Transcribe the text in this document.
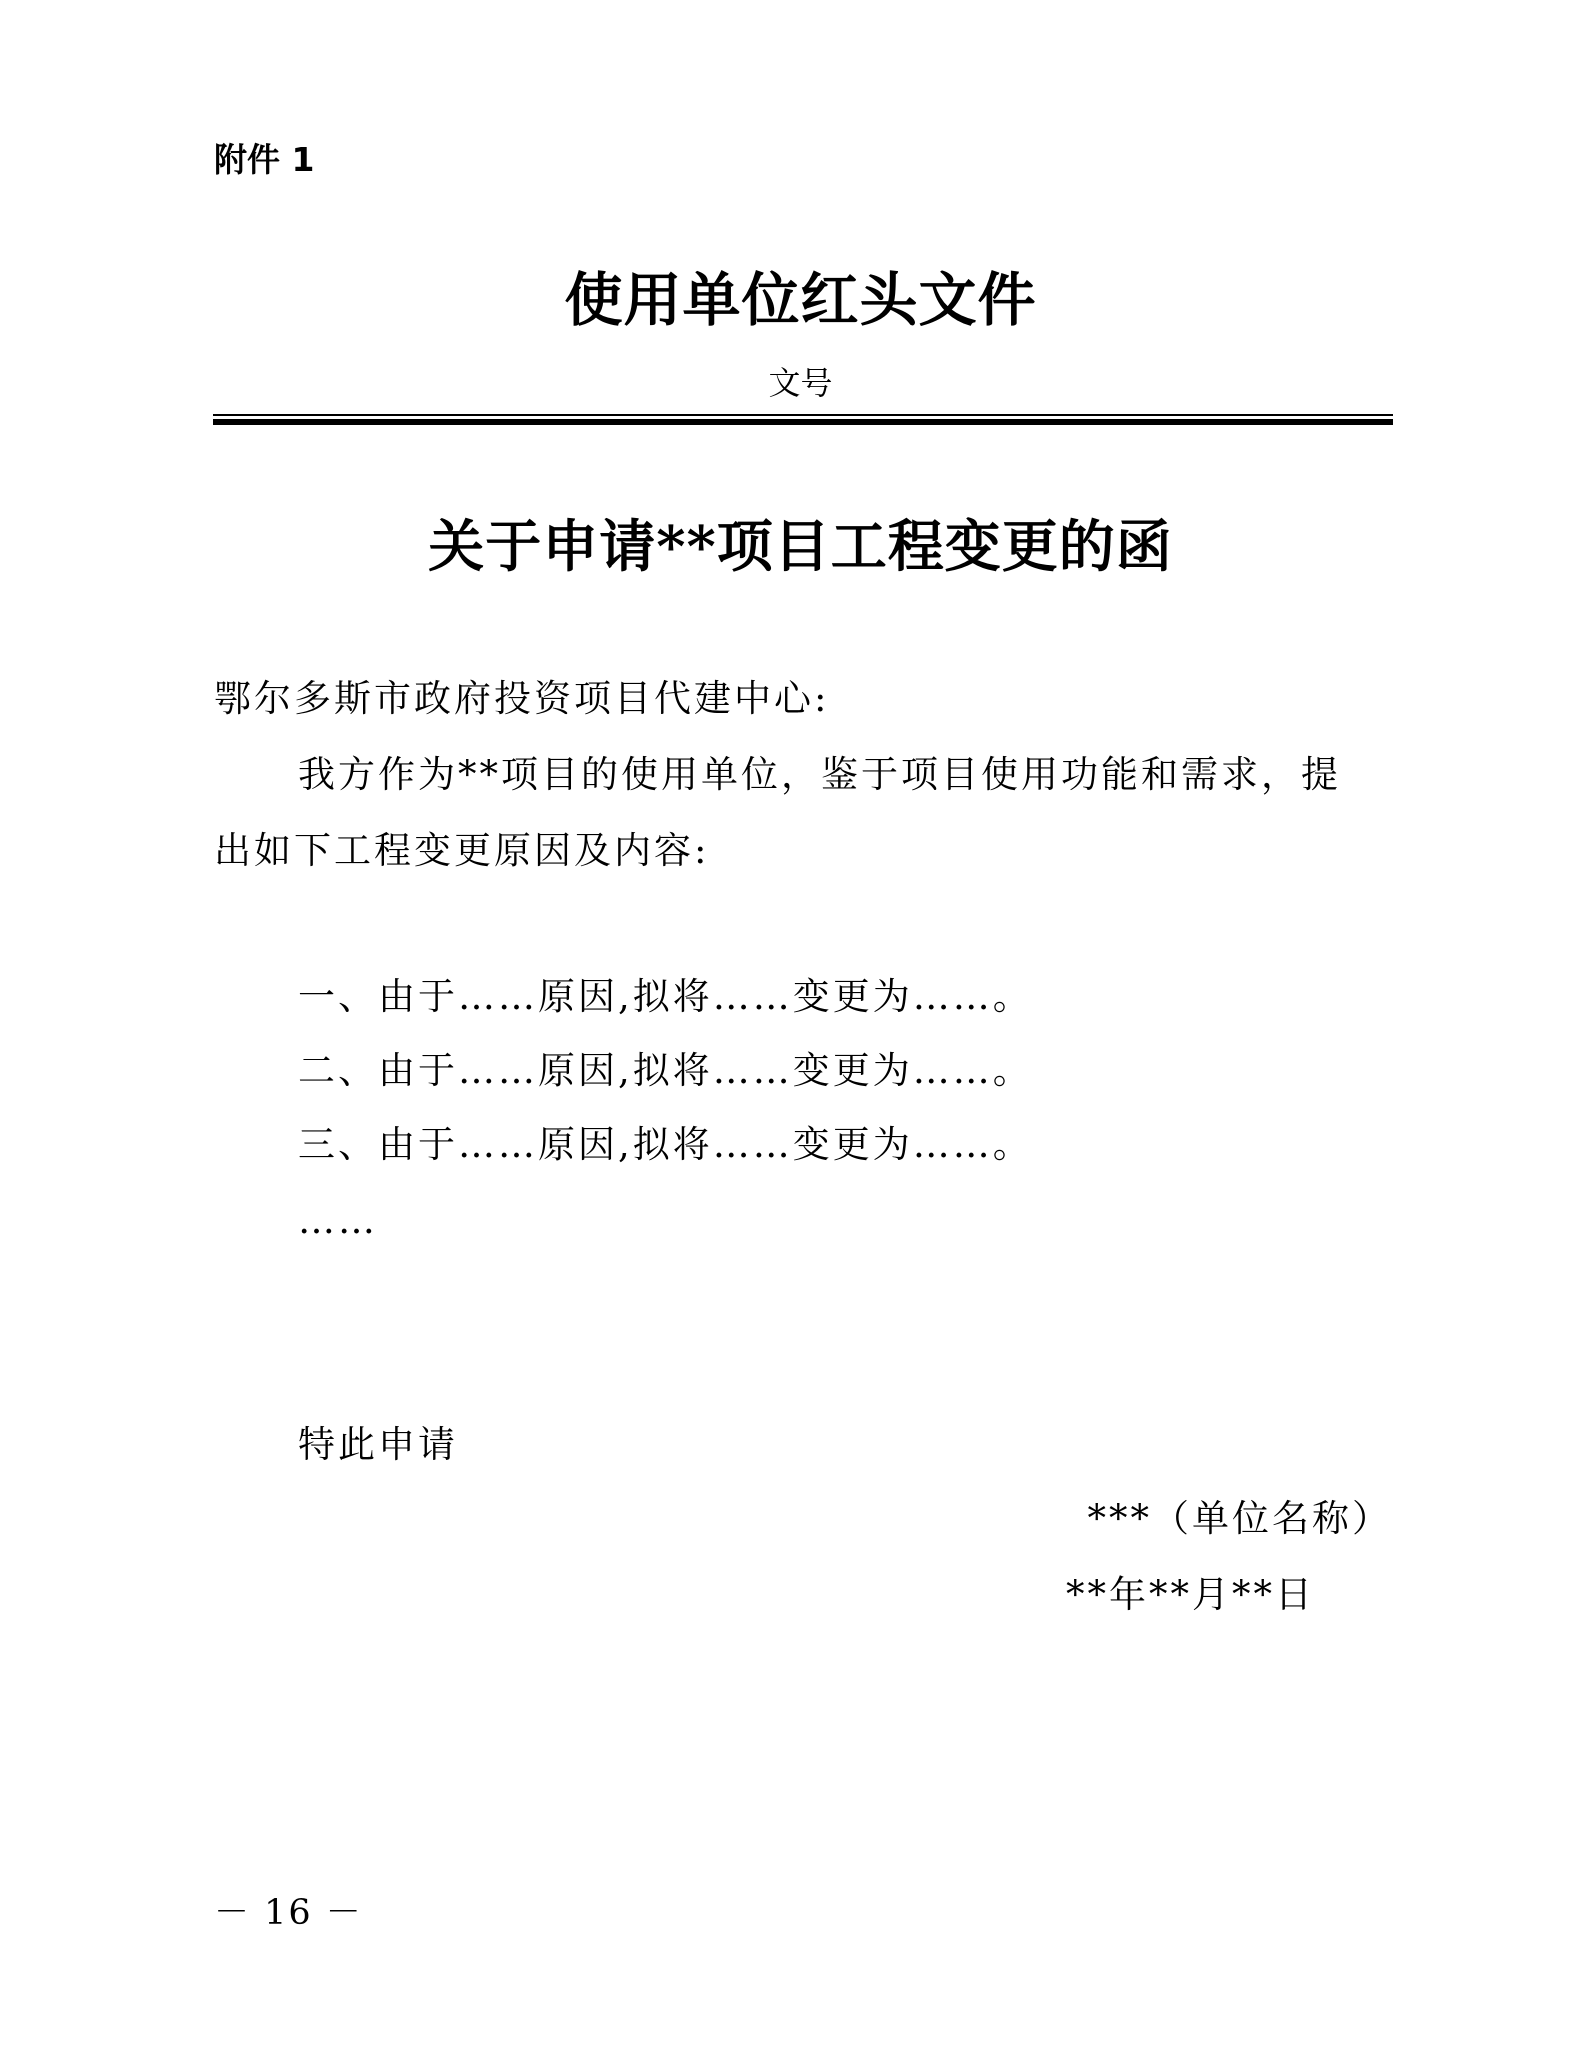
附件 1
使用单位红头文件
文号
关于申请**项目工程变更的函
鄂尔多斯市政府投资项目代建中心:
我方作为**项目的使用单位，鉴于项目使用功能和需求，提
出如下工程变更原因及内容:
一、由于……原因,拟将……变更为……。
二、由于……原因,拟将……变更为……。
三、由于……原因,拟将……变更为……。
……
特此申请
***（单位名称）
**年**月**日
－ 16 －
